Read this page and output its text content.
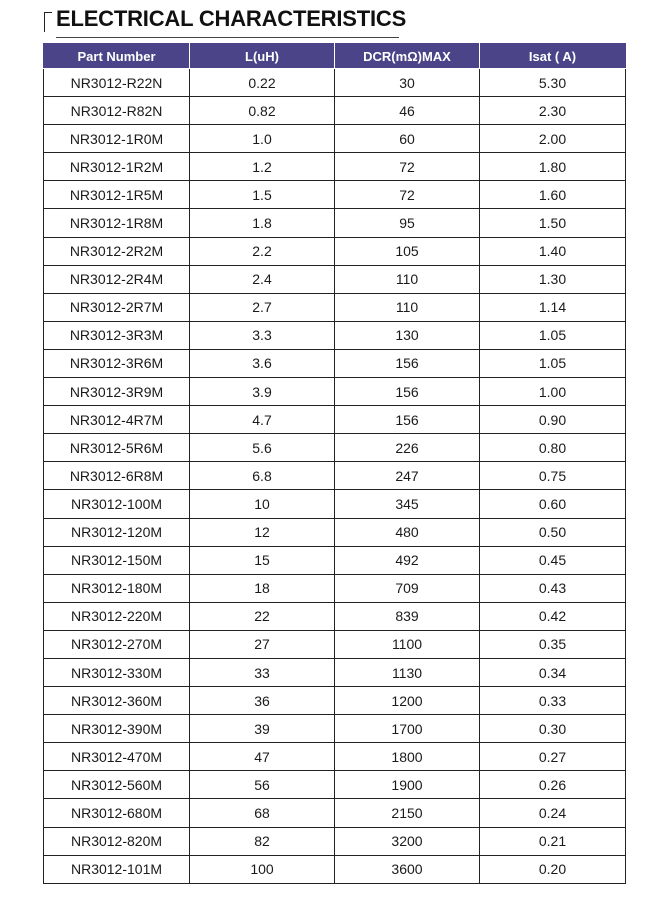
ELECTRICAL CHARACTERISTICS
Part Number	L(uH)	DCR(mΩ)MAX	Isat ( A)
NR3012-R22N	0.22	30	5.30
NR3012-R82N	0.82	46	2.30
NR3012-1R0M	1.0	60	2.00
NR3012-1R2M	1.2	72	1.80
NR3012-1R5M	1.5	72	1.60
NR3012-1R8M	1.8	95	1.50
NR3012-2R2M	2.2	105	1.40
NR3012-2R4M	2.4	110	1.30
NR3012-2R7M	2.7	110	1.14
NR3012-3R3M	3.3	130	1.05
NR3012-3R6M	3.6	156	1.05
NR3012-3R9M	3.9	156	1.00
NR3012-4R7M	4.7	156	0.90
NR3012-5R6M	5.6	226	0.80
NR3012-6R8M	6.8	247	0.75
NR3012-100M	10	345	0.60
NR3012-120M	12	480	0.50
NR3012-150M	15	492	0.45
NR3012-180M	18	709	0.43
NR3012-220M	22	839	0.42
NR3012-270M	27	1100	0.35
NR3012-330M	33	1130	0.34
NR3012-360M	36	1200	0.33
NR3012-390M	39	1700	0.30
NR3012-470M	47	1800	0.27
NR3012-560M	56	1900	0.26
NR3012-680M	68	2150	0.24
NR3012-820M	82	3200	0.21
NR3012-101M	100	3600	0.20
